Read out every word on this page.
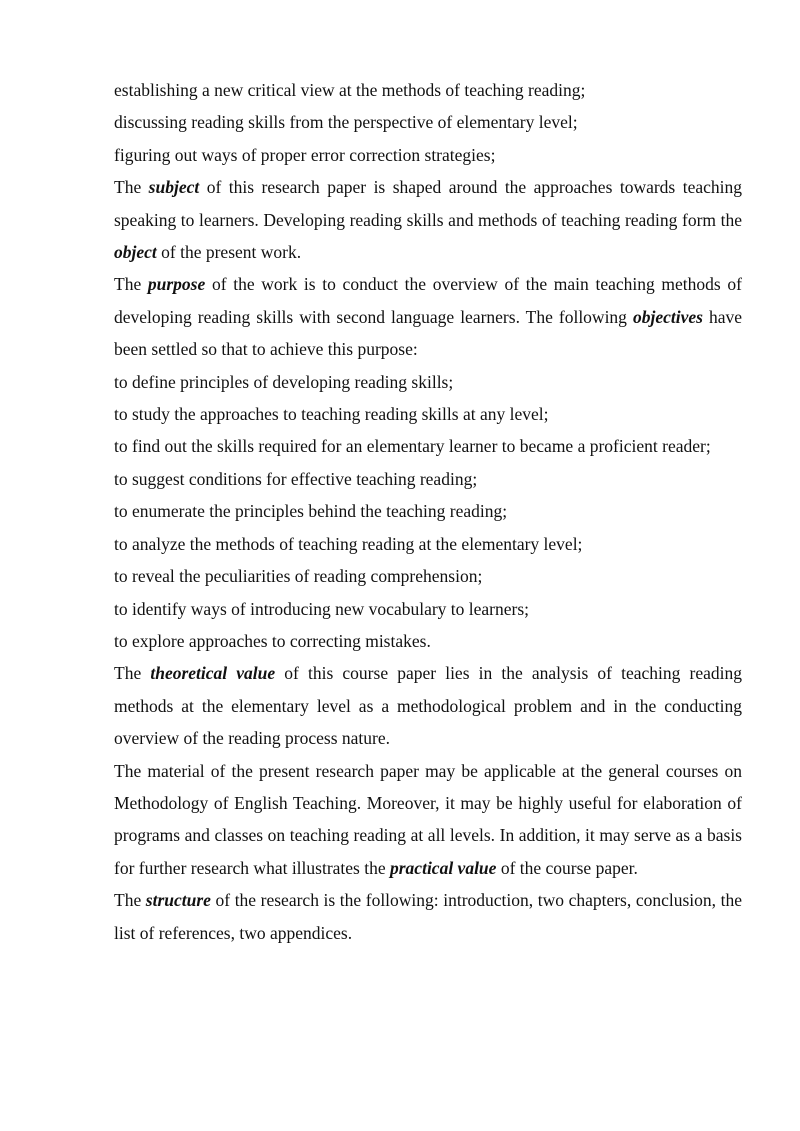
establishing a new critical view at the methods of teaching reading;

discussing reading skills from the perspective of elementary level;

figuring out ways of proper error correction strategies;

The subject of this research paper is shaped around the approaches towards teaching speaking to learners. Developing reading skills and methods of teaching reading form the object of the present work.

The purpose of the work is to conduct the overview of the main teaching methods of developing reading skills with second language learners. The following objectives have been settled so that to achieve this purpose:

to define principles of developing reading skills;

to study the approaches to teaching reading skills at any level;

to find out the skills required for an elementary learner to became a proficient reader;

to suggest conditions for effective teaching reading;

to enumerate the principles behind the teaching reading;

to analyze the methods of teaching reading at the elementary level;

to reveal the peculiarities of reading comprehension;

to identify ways of introducing new vocabulary to learners;

to explore approaches to correcting mistakes.

The theoretical value of this course paper lies in the analysis of teaching reading methods at the elementary level as a methodological problem and in the conducting overview of the reading process nature.

The material of the present research paper may be applicable at the general courses on Methodology of English Teaching. Moreover, it may be highly useful for elaboration of programs and classes on teaching reading at all levels. In addition, it may serve as a basis for further research what illustrates the practical value of the course paper.

The structure of the research is the following: introduction, two chapters, conclusion, the list of references, two appendices.
